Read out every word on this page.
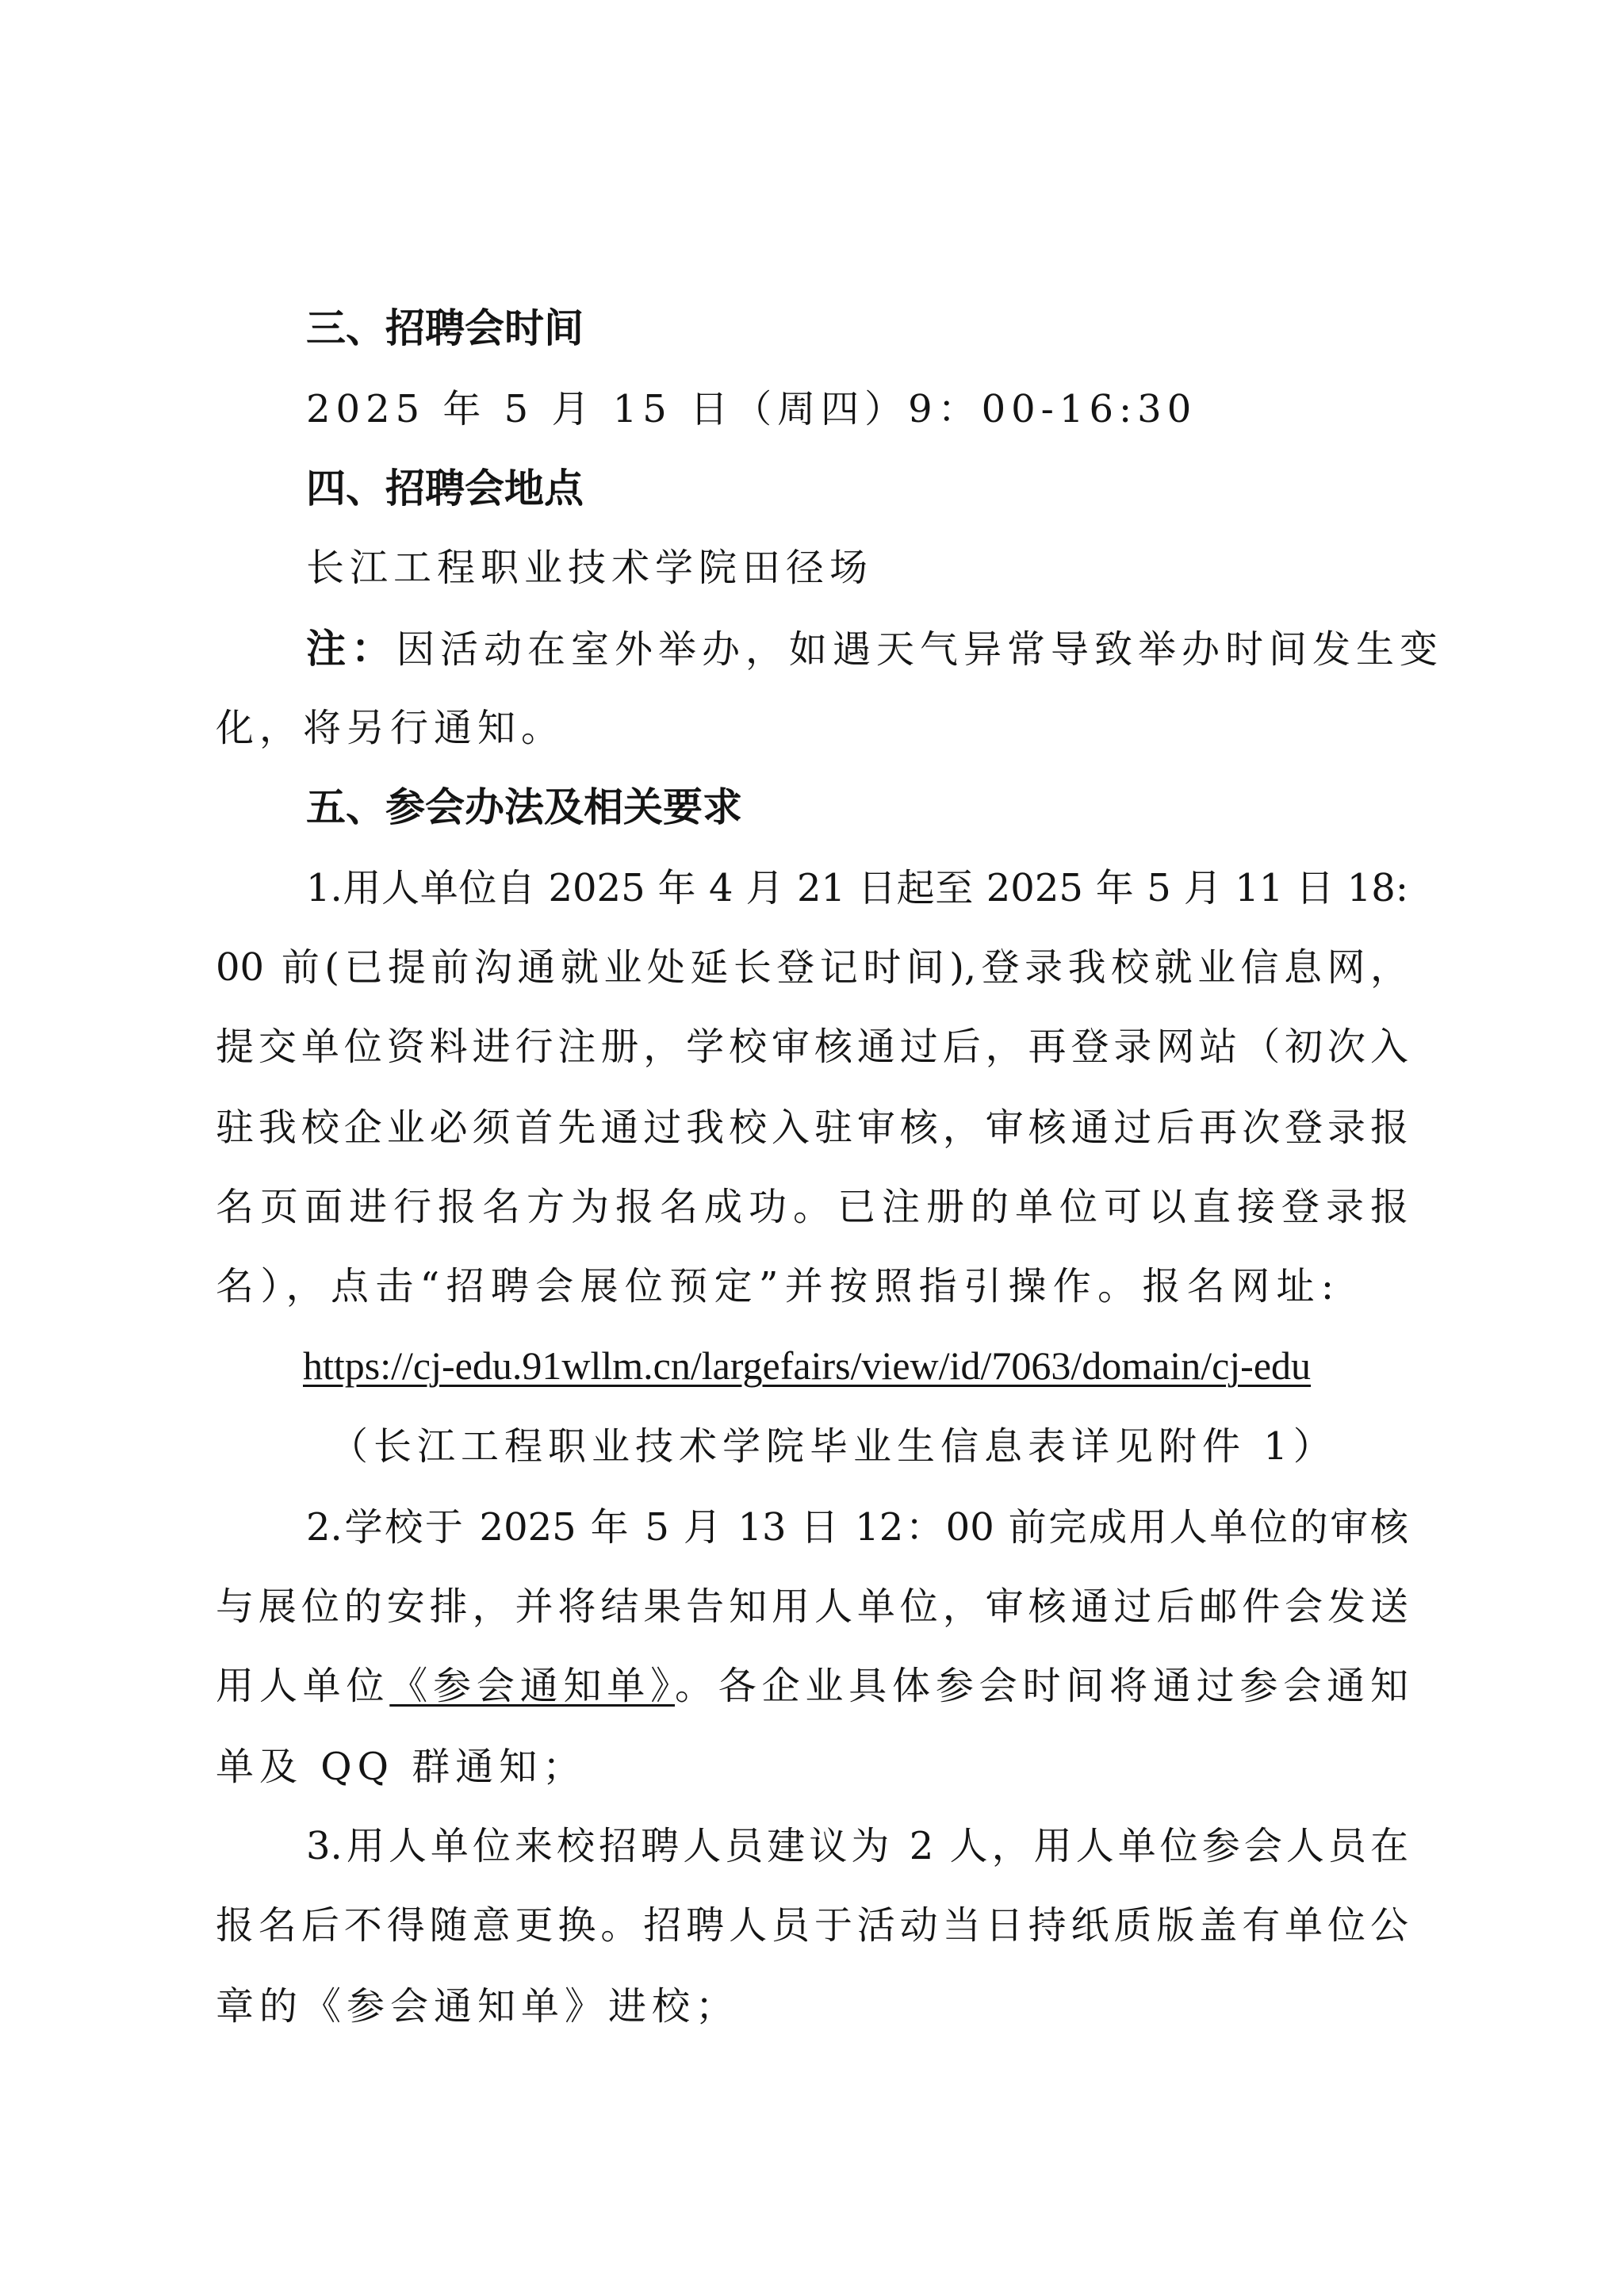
三、招聘会时间
2025 年 5 月 15 日（周四）9：00-16:30
四、招聘会地点
长江工程职业技术学院田径场
注：因活动在室外举办，如遇天气异常导致举办时间发生变
化，将另行通知。
五、参会办法及相关要求
1.用人单位自 2025 年 4 月 21 日起至 2025 年 5 月 11 日 18:
00 前(已提前沟通就业处延长登记时间),登录我校就业信息网，
提交单位资料进行注册，学校审核通过后，再登录网站（初次入
驻我校企业必须首先通过我校入驻审核，审核通过后再次登录报
名页面进行报名方为报名成功。已注册的单位可以直接登录报
名），点击“招聘会展位预定”并按照指引操作。报名网址:
https://cj-edu.91wllm.cn/largefairs/view/id/7063/domain/cj-edu
（长江工程职业技术学院毕业生信息表详见附件 1）
2.学校于 2025 年 5 月 13 日 12：00 前完成用人单位的审核
与展位的安排，并将结果告知用人单位，审核通过后邮件会发送
用人单位《参会通知单》。各企业具体参会时间将通过参会通知
单及 QQ 群通知；
3.用人单位来校招聘人员建议为 2 人，用人单位参会人员在
报名后不得随意更换。招聘人员于活动当日持纸质版盖有单位公
章的《参会通知单》进校；
